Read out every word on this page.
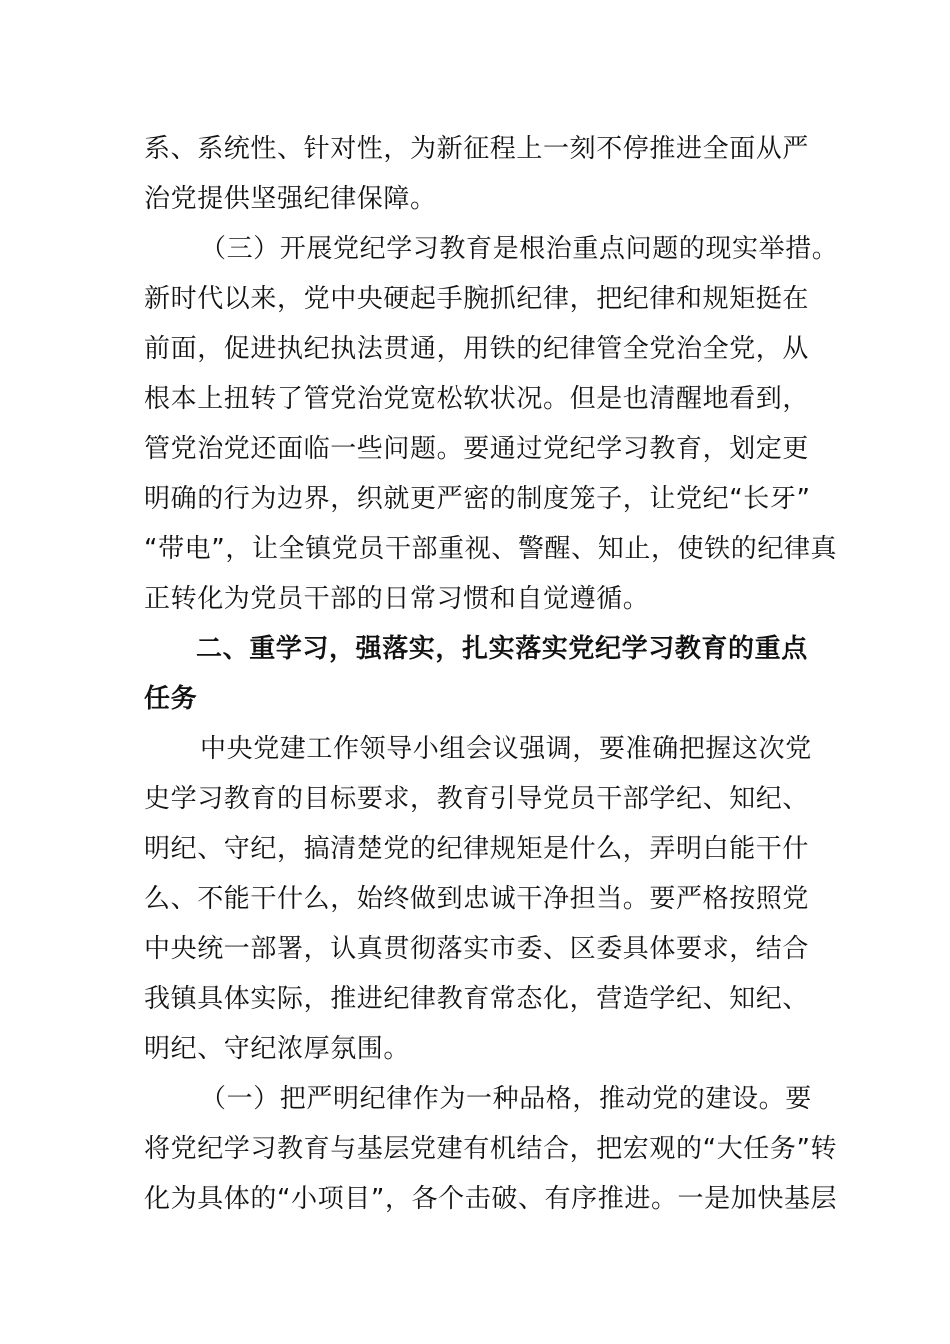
系、系统性、针对性，为新征程上一刻不停推进全面从严
治党提供坚强纪律保障。
（三）开展党纪学习教育是根治重点问题的现实举措。
新时代以来，党中央硬起手腕抓纪律，把纪律和规矩挺在
前面，促进执纪执法贯通，用铁的纪律管全党治全党，从
根本上扭转了管党治党宽松软状况。但是也清醒地看到，
管党治党还面临一些问题。要通过党纪学习教育，划定更
明确的行为边界，织就更严密的制度笼子，让党纪“长牙”
“带电”，让全镇党员干部重视、警醒、知止，使铁的纪律真
正转化为党员干部的日常习惯和自觉遵循。
二、重学习，强落实，扎实落实党纪学习教育的重点
任务
中央党建工作领导小组会议强调，要准确把握这次党
史学习教育的目标要求，教育引导党员干部学纪、知纪、
明纪、守纪，搞清楚党的纪律规矩是什么，弄明白能干什
么、不能干什么，始终做到忠诚干净担当。要严格按照党
中央统一部署，认真贯彻落实市委、区委具体要求，结合
我镇具体实际，推进纪律教育常态化，营造学纪、知纪、
明纪、守纪浓厚氛围。
（一）把严明纪律作为一种品格，推动党的建设。要
将党纪学习教育与基层党建有机结合，把宏观的“大任务”转
化为具体的“小项目”，各个击破、有序推进。一是加快基层
